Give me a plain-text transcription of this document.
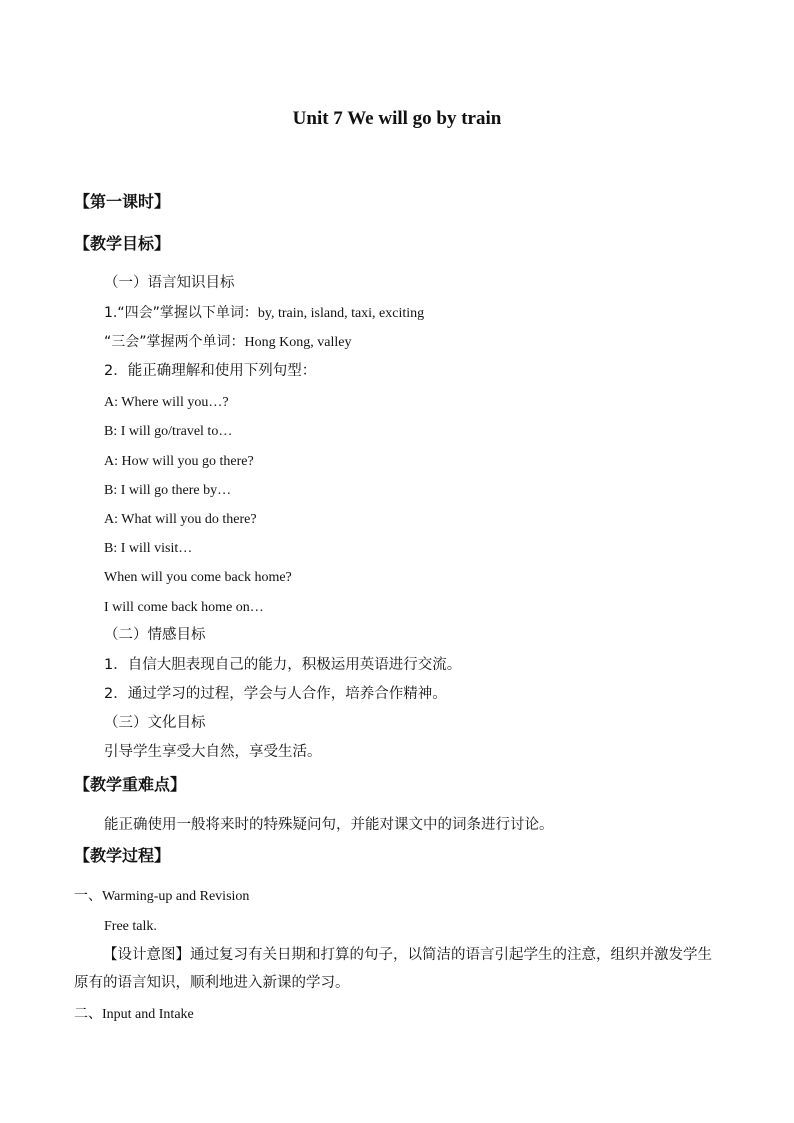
Unit 7 We will go by train
【第一课时】
【教学目标】
（一）语言知识目标
1.“四会”掌握以下单词：by, train, island, taxi, exciting
“三会”掌握两个单词：Hong Kong, valley
2．能正确理解和使用下列句型：
A: Where will you…?
B: I will go/travel to…
A: How will you go there?
B: I will go there by…
A: What will you do there?
B: I will visit…
When will you come back home?
I will come back home on…
（二）情感目标
1．自信大胆表现自己的能力，积极运用英语进行交流。
2．通过学习的过程，学会与人合作，培养合作精神。
（三）文化目标
引导学生享受大自然，享受生活。
【教学重难点】
能正确使用一般将来时的特殊疑问句，并能对课文中的词条进行讨论。
【教学过程】
一、Warming-up and Revision
Free talk.
【设计意图】通过复习有关日期和打算的句子，以简洁的语言引起学生的注意，组织并激发学生原有的语言知识，顺利地进入新课的学习。
二、Input and Intake
